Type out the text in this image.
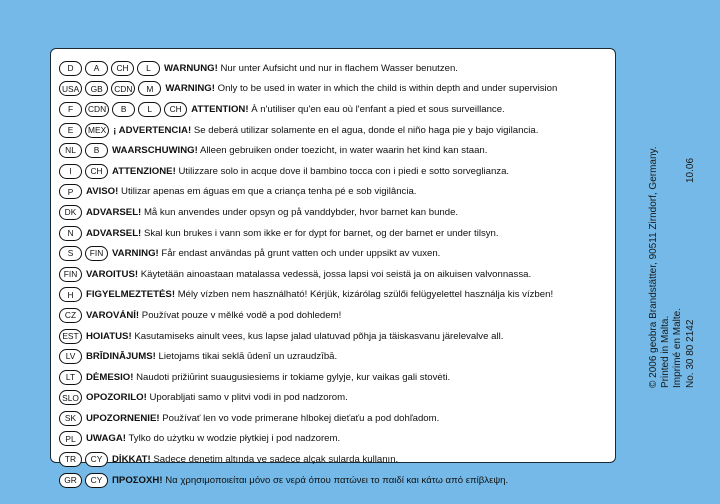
D	A	CH	L	WARNUNG! Nur unter Aufsicht und nur in flachem Wasser benutzen.
USA	GB	CDN	M	WARNING! Only to be used in water in which the child is within depth and under supervision
F	CDN	B	L	CH ATTENTION! À n'utiliser qu'en eau où l'enfant a pied et sous surveillance.
E	MEX ¡ ADVERTENCIA! Se deberá utilizar solamente en el agua, donde el niño haga pie y bajo vigilancia.
NL	B	WAARSCHUWING! Alleen gebruiken onder toezicht, in water waarin het kind kan staan.
I	CH ATTENZIONE! Utilizzare solo in acque dove il bambino tocca con i piedi e sotto sorveglianza.
P	AVISO! Utilizar apenas em águas em que a criança tenha pé e sob vigilância.
DK	ADVARSEL! Må kun anvendes under opsyn og på vanddybder, hvor barnet kan bunde.
N	ADVARSEL! Skal kun brukes i vann som ikke er for dypt for barnet, og der barnet er under tilsyn.
S	FIN VARNING! Får endast användas på grunt vatten och under uppsikt av vuxen.
FIN VAROITUS! Käytetään ainoastaan matalassa vedessä, jossa lapsi voi seistä ja on aikuisen valvonnassa.
H	FIGYELMEZTETÉS! Mély vízben nem használható! Kérjük, kizárólag szülői felügyelettel használja kis vízben!
CZ	VAROVÁNÍ! Používat pouze v mělké vodě a pod dohledem!
EST HOIATUS! Kasutamiseks ainult vees, kus lapse jalad ulatuvad põhja ja täiskasvanu järelevalve all.
LV	BRĪDINĀJUMS! Lietojams tikai seklā ūdenī un uzraudzībā.
LT	DĖMESIO! Naudoti prižiūrint suaugusiesiems ir tokiame gylyje, kur vaikas gali stovėti.
SLO OPOZORILO! Uporabljati samo v plitvi vodi in pod nadzorom.
SK	UPOZORNENIE! Používať len vo vode primerane hlbokej dieťaťu a pod dohľadom.
PL	UWAGA! Tylko do użytku w wodzie płytkiej i pod nadzorem.
TR	CY	DİKKAT! Sadece denetim altında ve sadece alçak sularda kullanın.
GR	CY	ΠΡΟΣΟΧΗ! Να χρησιμοποιείται μόνο σε νερά όπου πατώνει το παιδί και κάτω από επίβλεψη.
© 2006 geobra Brandstätter, 90511 Zirndorf, Germany. Printed in Malta. Imprimé en Malte. No. 30 80 2142
10.06
